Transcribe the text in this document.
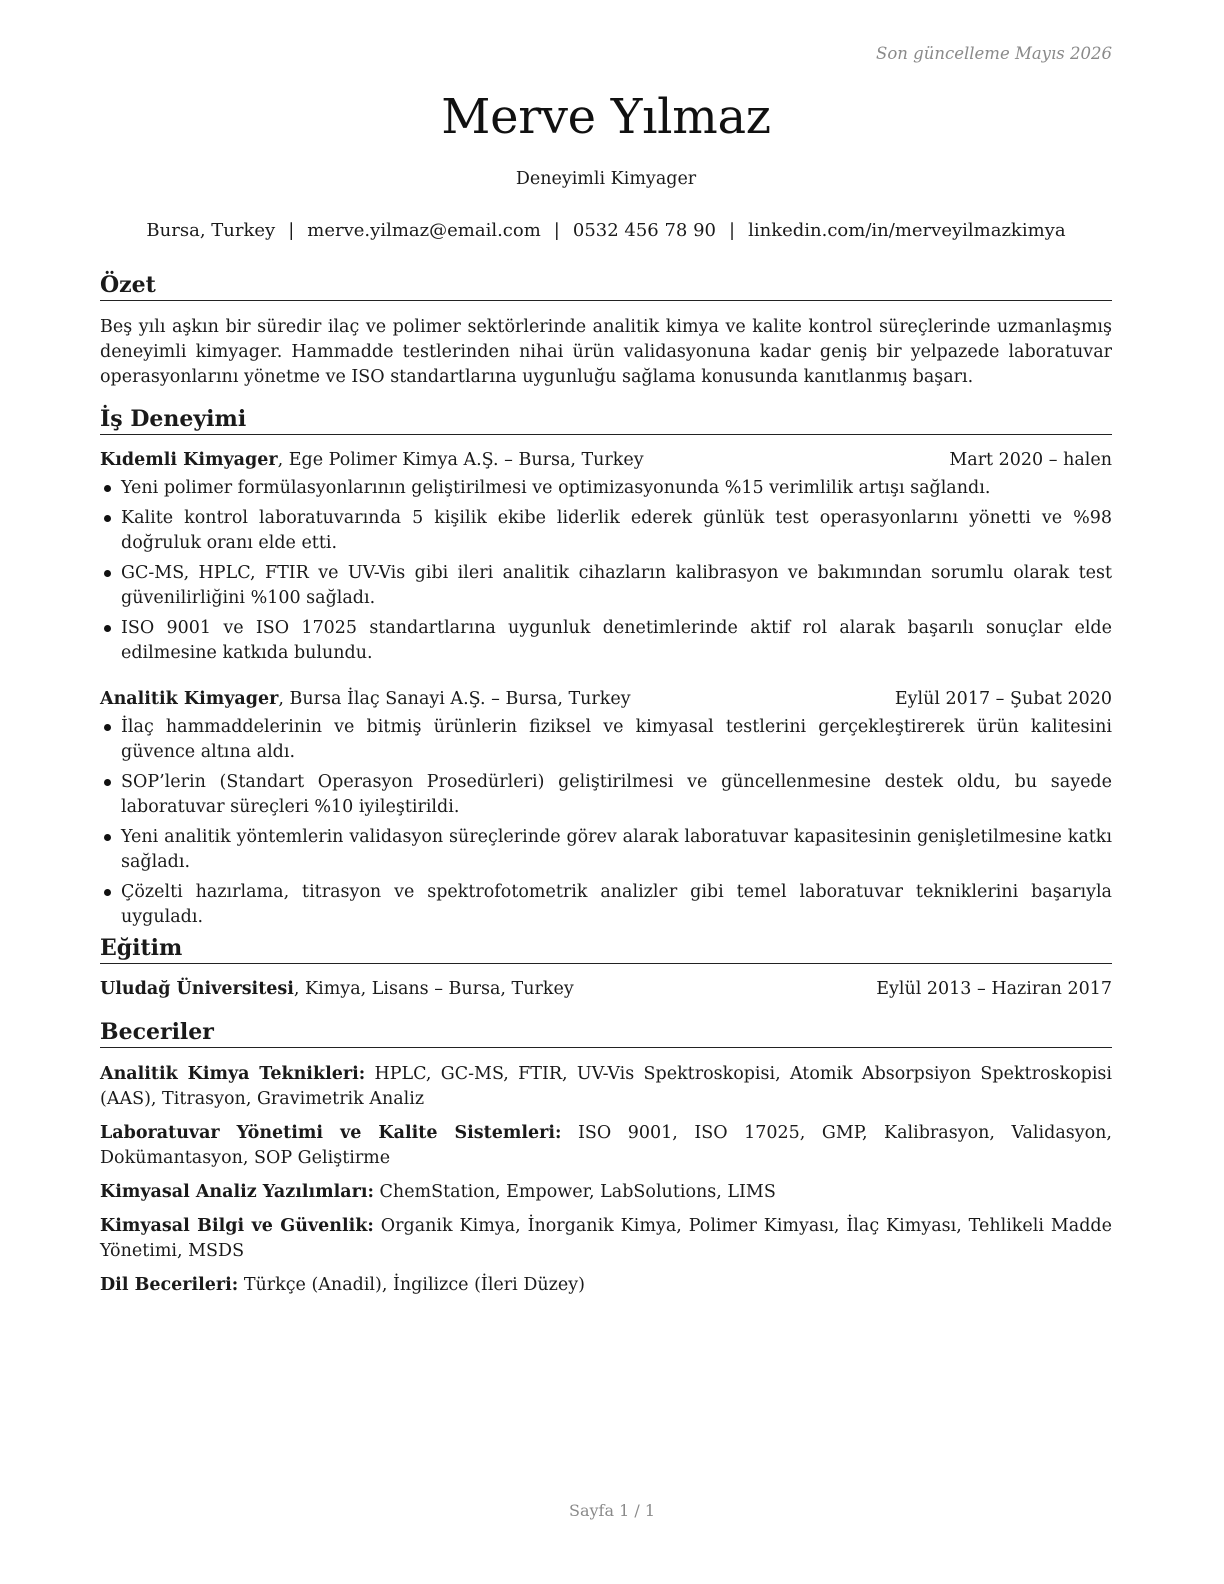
Son güncelleme Mayıs 2026
Merve Yılmaz
Deneyimli Kimyager
Bursa, Turkey | merve.yilmaz@email.com | 0532 456 78 90 | linkedin.com/in/merveyilmazkimya
Özet

Beş yılı aşkın bir süredir ilaç ve polimer sektörlerinde analitik kimya ve kalite kontrol süreçlerinde uzmanlaşmış deneyimli kimyager. Hammadde testlerinden nihai ürün validasyonuna kadar geniş bir yelpazede laboratuvar operasyonlarını yönetme ve ISO standartlarına uygunluğu sağlama konusunda kanıtlanmış başarı.

İş Deneyimi
Kıdemli Kimyager, Ege Polimer Kimya A.Ş. – Bursa, Turkey	Mart 2020 – halen
Yeni polimer formülasyonlarının geliştirilmesi ve optimizasyonunda %15 verimlilik artışı sağlandı.
Kalite kontrol laboratuvarında 5 kişilik ekibe liderlik ederek günlük test operasyonlarını yönetti ve %98 doğruluk oranı elde etti.
GC-MS, HPLC, FTIR ve UV-Vis gibi ileri analitik cihazların kalibrasyon ve bakımından sorumlu olarak test güvenilirliğini %100 sağladı.
ISO 9001 ve ISO 17025 standartlarına uygunluk denetimlerinde aktif rol alarak başarılı sonuçlar elde edilmesine katkıda bulundu.
Analitik Kimyager, Bursa İlaç Sanayi A.Ş. – Bursa, Turkey	Eylül 2017 – Şubat 2020
İlaç hammaddelerinin ve bitmiş ürünlerin fiziksel ve kimyasal testlerini gerçekleştirerek ürün kalitesini güvence altına aldı.
SOP’lerin (Standart Operasyon Prosedürleri) geliştirilmesi ve güncellenmesine destek oldu, bu sayede laboratuvar süreçleri %10 iyileştirildi.
Yeni analitik yöntemlerin validasyon süreçlerinde görev alarak laboratuvar kapasitesinin genişletilmesine katkı sağladı.
Çözelti hazırlama, titrasyon ve spektrofotometrik analizler gibi temel laboratuvar tekniklerini başarıyla uyguladı.
Eğitim
Uludağ Üniversitesi, Kimya, Lisans – Bursa, Turkey	Eylül 2013 – Haziran 2017
Beceriler

Analitik Kimya Teknikleri: HPLC, GC-MS, FTIR, UV-Vis Spektroskopisi, Atomik Absorpsiyon Spektroskopisi (AAS), Titrasyon, Gravimetrik Analiz

Laboratuvar Yönetimi ve Kalite Sistemleri: ISO 9001, ISO 17025, GMP, Kalibrasyon, Validasyon, Dokümantasyon, SOP Geliştirme

Kimyasal Analiz Yazılımları: ChemStation, Empower, LabSolutions, LIMS

Kimyasal Bilgi ve Güvenlik: Organik Kimya, İnorganik Kimya, Polimer Kimyası, İlaç Kimyası, Tehlikeli Madde Yönetimi, MSDS

Dil Becerileri: Türkçe (Anadil), İngilizce (İleri Düzey)

Sayfa 1 / 1
